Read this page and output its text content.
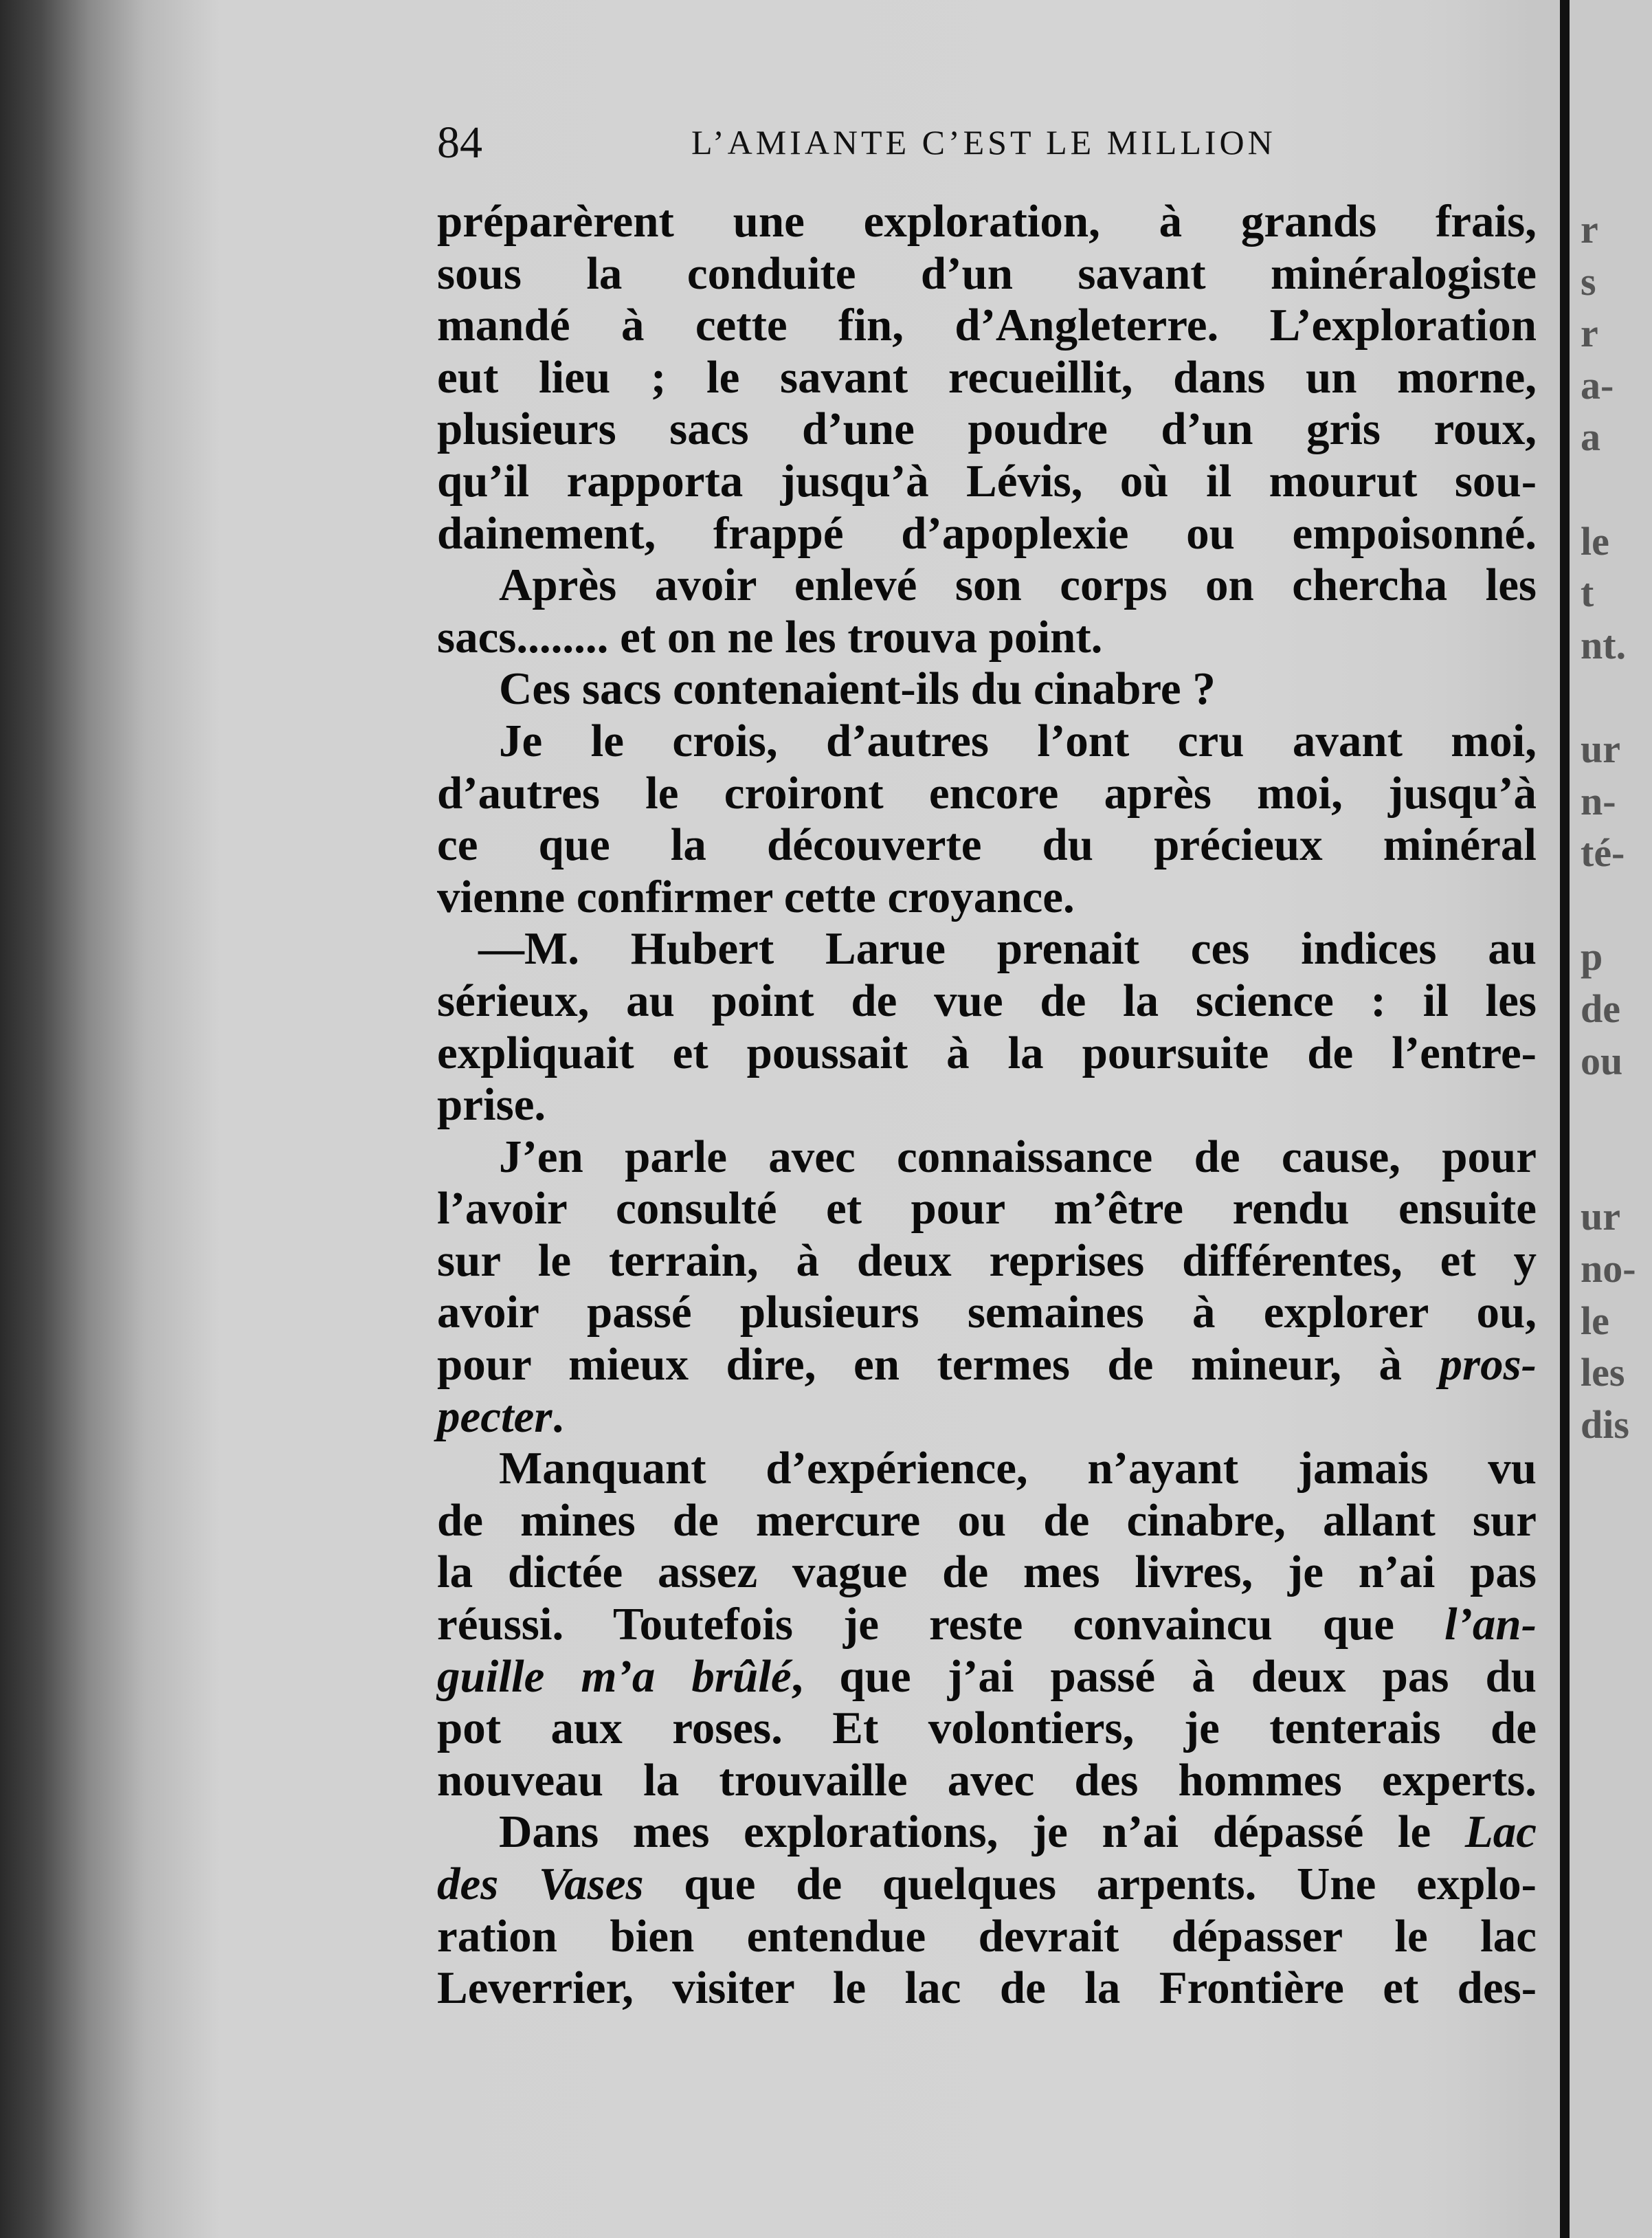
84	L’AMIANTE C’EST LE MILLION
préparèrent une exploration, à grands frais,
sous la conduite d’un savant minéralogiste
mandé à cette fin, d’Angleterre. L’exploration
eut lieu ; le savant recueillit, dans un morne,
plusieurs sacs d’une poudre d’un gris roux,
qu’il rapporta jusqu’à Lévis, où il mourut sou-
dainement, frappé d’apoplexie ou empoisonné.
Après avoir enlevé son corps on chercha les
sacs........ et on ne les trouva point.
Ces sacs contenaient-ils du cinabre ?
Je le crois, d’autres l’ont cru avant moi,
d’autres le croiront encore après moi, jusqu’à
ce que la découverte du précieux minéral
vienne confirmer cette croyance.
—M. Hubert Larue prenait ces indices au
sérieux, au point de vue de la science : il les
expliquait et poussait à la poursuite de l’entre-
prise.
J’en parle avec connaissance de cause, pour
l’avoir consulté et pour m’être rendu ensuite
sur le terrain, à deux reprises différentes, et y
avoir passé plusieurs semaines à explorer ou,
pour mieux dire, en termes de mineur, à pros-
pecter.
Manquant d’expérience, n’ayant jamais vu
de mines de mercure ou de cinabre, allant sur
la dictée assez vague de mes livres, je n’ai pas
réussi. Toutefois je reste convaincu que l’an-
guille m’a brûlé, que j’ai passé à deux pas du
pot aux roses. Et volontiers, je tenterais de
nouveau la trouvaille avec des hommes experts.
Dans mes explorations, je n’ai dépassé le Lac
des Vases que de quelques arpents. Une explo-
ration bien entendue devrait dépasser le lac
Leverrier, visiter le lac de la Frontière et des-
r
s
r
a-
a
le
t
nt.
ur
n-
té-
p
de
ou
ur
no-
le
les
dis
